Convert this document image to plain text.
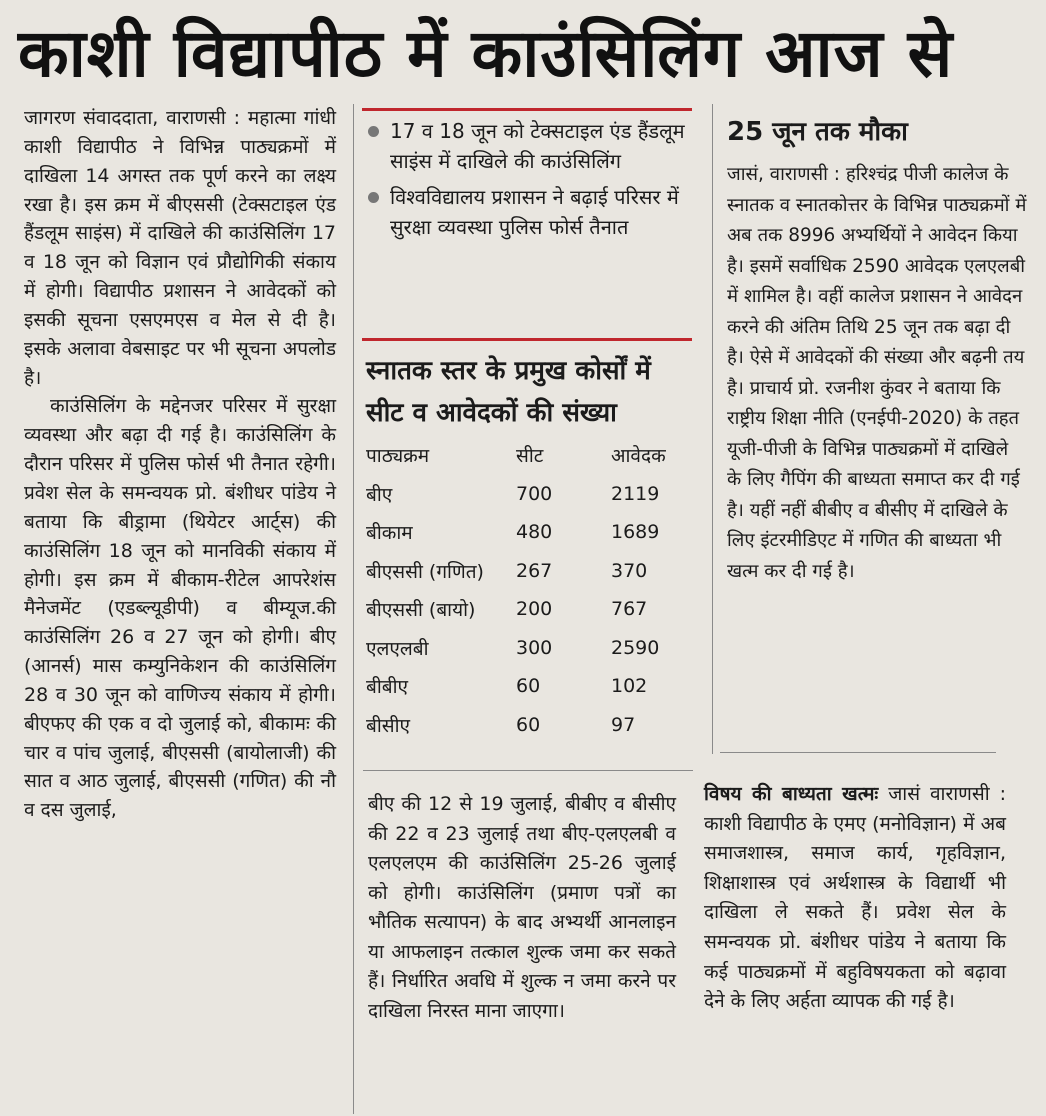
काशी विद्यापीठ में काउंसिलिंग आज से

जागरण संवाददाता, वाराणसी : महात्मा गांधी काशी विद्यापीठ ने विभिन्न पाठ्यक्रमों में दाखिला 14 अगस्त तक पूर्ण करने का लक्ष्य रखा है। इस क्रम में बीएससी (टेक्सटाइल एंड हैंडलूम साइंस) में दाखिले की काउंसिलिंग 17 व 18 जून को विज्ञान एवं प्रौद्योगिकी संकाय में होगी। विद्यापीठ प्रशासन ने आवेदकों को इसकी सूचना एसएमएस व मेल से दी है। इसके अलावा वेबसाइट पर भी सूचना अपलोड है।

काउंसिलिंग के मद्देनजर परिसर में सुरक्षा व्यवस्था और बढ़ा दी गई है। काउंसिलिंग के दौरान परिसर में पुलिस फोर्स भी तैनात रहेगी। प्रवेश सेल के समन्वयक प्रो. बंशीधर पांडेय ने बताया कि बीड्रामा (थियेटर आर्ट्स) की काउंसिलिंग 18 जून को मानविकी संकाय में होगी। इस क्रम में बीकाम-रीटेल आपरेशंस मैनेजमेंट (एडब्ल्यूडीपी) व बीम्यूज.की काउंसिलिंग 26 व 27 जून को होगी। बीए (आनर्स) मास कम्युनिकेशन की काउंसिलिंग 28 व 30 जून को वाणिज्य संकाय में होगी। बीएफए की एक व दो जुलाई को, बीकामः की चार व पांच जुलाई, बीएससी (बायोलाजी) की सात व आठ जुलाई, बीएससी (गणित) की नौ व दस जुलाई,

17 व 18 जून को टेक्सटाइल एंड हैंडलूम साइंस में दाखिले की काउंसिलिंग
विश्वविद्यालय प्रशासन ने बढ़ाई परिसर में सुरक्षा व्यवस्था पुलिस फोर्स तैनात
स्नातक स्तर के प्रमुख कोर्सों में सीट व आवेदकों की संख्या
पाठ्यक्रम	सीट	आवेदक
बीए	700	2119
बीकाम	480	1689
बीएससी (गणित)	267	370
बीएससी (बायो)	200	767
एलएलबी	300	2590
बीबीए	60	102
बीसीए	60	97
25 जून तक मौका

जासं, वाराणसी : हरिश्चंद्र पीजी कालेज के स्नातक व स्नातकोत्तर के विभिन्न पाठ्यक्रमों में अब तक 8996 अभ्यर्थियों ने आवेदन किया है। इसमें सर्वाधिक 2590 आवेदक एलएलबी में शामिल है। वहीं कालेज प्रशासन ने आवेदन करने की अंतिम तिथि 25 जून तक बढ़ा दी है। ऐसे में आवेदकों की संख्या और बढ़नी तय है। प्राचार्य प्रो. रजनीश कुंवर ने बताया कि राष्ट्रीय शिक्षा नीति (एनईपी-2020) के तहत यूजी-पीजी के विभिन्न पाठ्यक्रमों में दाखिले के लिए गैपिंग की बाध्यता समाप्त कर दी गई है। यहीं नहीं बीबीए व बीसीए में दाखिले के लिए इंटरमीडिएट में गणित की बाध्यता भी खत्म कर दी गई है।

बीए की 12 से 19 जुलाई, बीबीए व बीसीए की 22 व 23 जुलाई तथा बीए-एलएलबी व एलएलएम की काउंसिलिंग 25-26 जुलाई को होगी। काउंसिलिंग (प्रमाण पत्रों का भौतिक सत्यापन) के बाद अभ्यर्थी आनलाइन या आफलाइन तत्काल शुल्क जमा कर सकते हैं। निर्धारित अवधि में शुल्क न जमा करने पर दाखिला निरस्त माना जाएगा।

विषय की बाध्यता खत्मः जासं वाराणसी : काशी विद्यापीठ के एमए (मनोविज्ञान) में अब समाजशास्त्र, समाज कार्य, गृहविज्ञान, शिक्षाशास्त्र एवं अर्थशास्त्र के विद्यार्थी भी दाखिला ले सकते हैं। प्रवेश सेल के समन्वयक प्रो. बंशीधर पांडेय ने बताया कि कई पाठ्यक्रमों में बहुविषयकता को बढ़ावा देने के लिए अर्हता व्यापक की गई है।
